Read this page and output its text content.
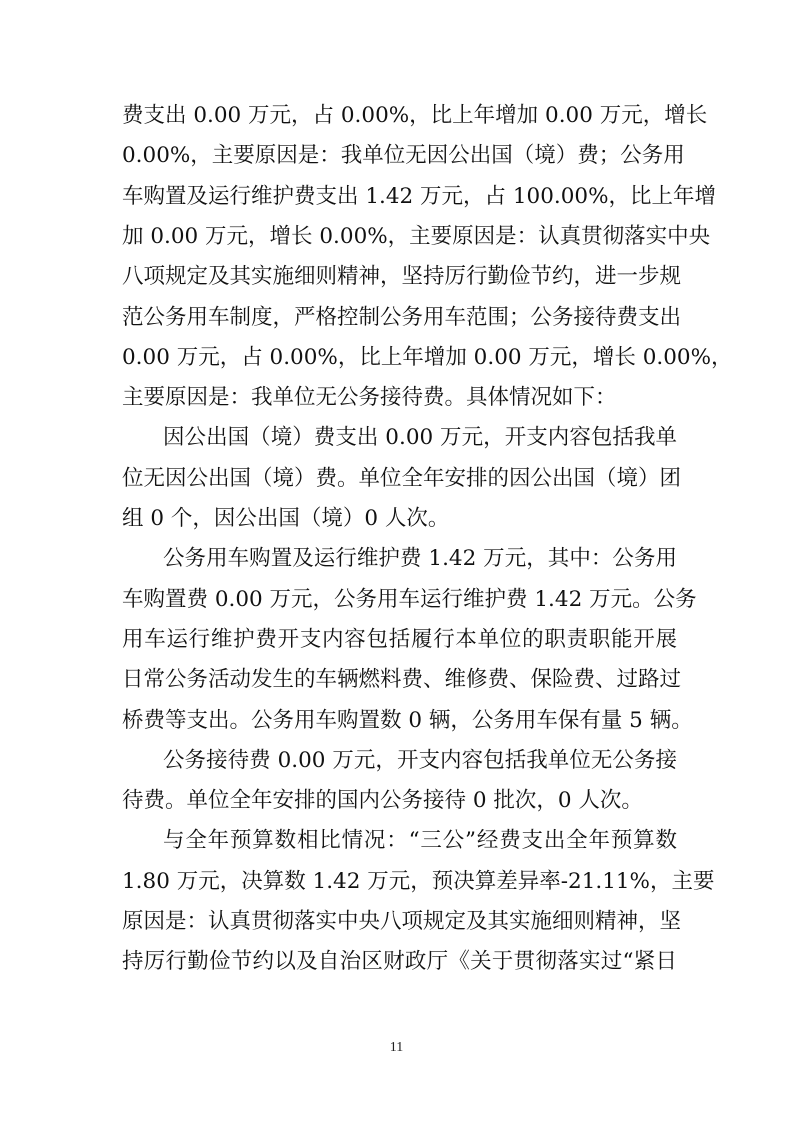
费支出 0.00 万元，占 0.00%，比上年增加 0.00 万元，增长
0.00%，主要原因是：我单位无因公出国（境）费；公务用
车购置及运行维护费支出 1.42 万元，占 100.00%，比上年增
加 0.00 万元，增长 0.00%，主要原因是：认真贯彻落实中央
八项规定及其实施细则精神，坚持厉行勤俭节约，进一步规
范公务用车制度，严格控制公务用车范围；公务接待费支出
0.00 万元，占 0.00%，比上年增加 0.00 万元，增长 0.00%，
主要原因是：我单位无公务接待费。具体情况如下：
因公出国（境）费支出 0.00 万元，开支内容包括我单
位无因公出国（境）费。单位全年安排的因公出国（境）团
组 0 个，因公出国（境）0 人次。
公务用车购置及运行维护费 1.42 万元，其中：公务用
车购置费 0.00 万元，公务用车运行维护费 1.42 万元。公务
用车运行维护费开支内容包括履行本单位的职责职能开展
日常公务活动发生的车辆燃料费、维修费、保险费、过路过
桥费等支出。公务用车购置数 0 辆，公务用车保有量 5 辆。
公务接待费 0.00 万元，开支内容包括我单位无公务接
待费。单位全年安排的国内公务接待 0 批次，0 人次。
与全年预算数相比情况：“三公”经费支出全年预算数
1.80 万元，决算数 1.42 万元，预决算差异率-21.11%，主要
原因是：认真贯彻落实中央八项规定及其实施细则精神，坚
持厉行勤俭节约以及自治区财政厅《关于贯彻落实过“紧日
11
